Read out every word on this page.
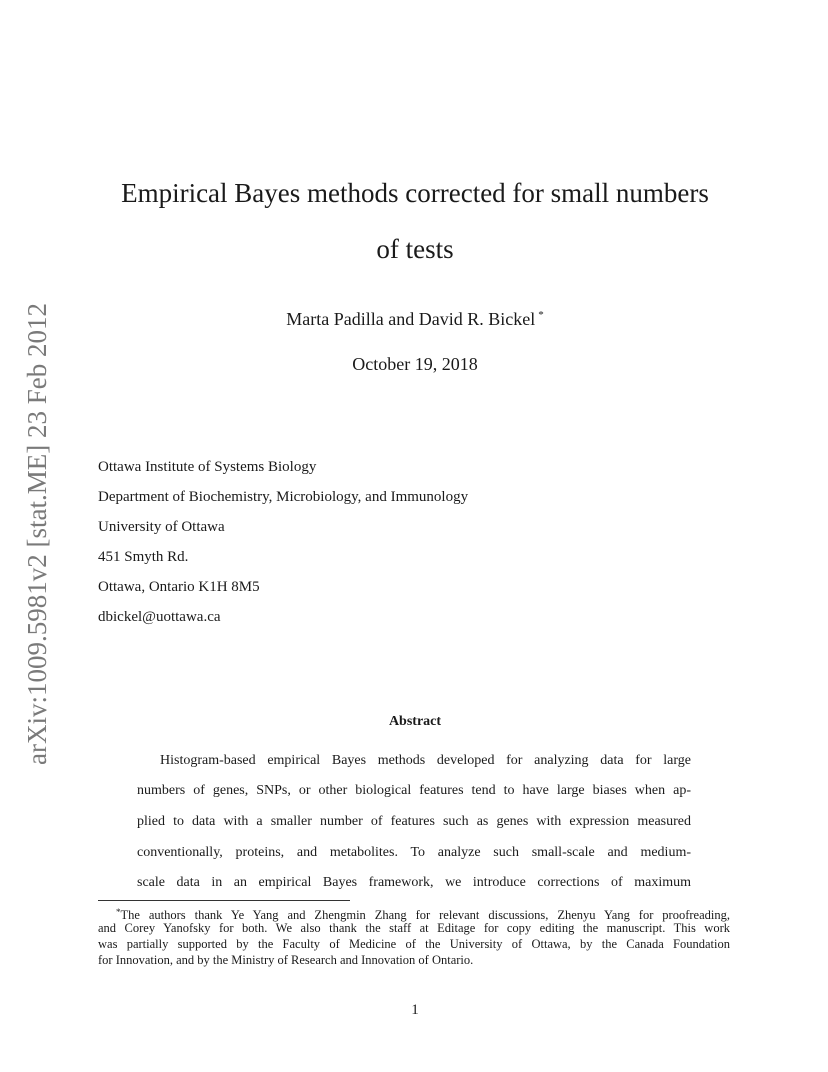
arXiv:1009.5981v2 [stat.ME] 23 Feb 2012
Empirical Bayes methods corrected for small numbers
of tests
Marta Padilla and David R. Bickel *
October 19, 2018
Ottawa Institute of Systems Biology
Department of Biochemistry, Microbiology, and Immunology
University of Ottawa
451 Smyth Rd.
Ottawa, Ontario K1H 8M5
dbickel@uottawa.ca
Abstract
Histogram-based empirical Bayes methods developed for analyzing data for large
numbers of genes, SNPs, or other biological features tend to have large biases when ap-
plied to data with a smaller number of features such as genes with expression measured
conventionally, proteins, and metabolites. To analyze such small-scale and medium-
scale data in an empirical Bayes framework, we introduce corrections of maximum
*The authors thank Ye Yang and Zhengmin Zhang for relevant discussions, Zhenyu Yang for proofreading,
and Corey Yanofsky for both. We also thank the staff at Editage for copy editing the manuscript. This work
was partially supported by the Faculty of Medicine of the University of Ottawa, by the Canada Foundation
for Innovation, and by the Ministry of Research and Innovation of Ontario.
1
